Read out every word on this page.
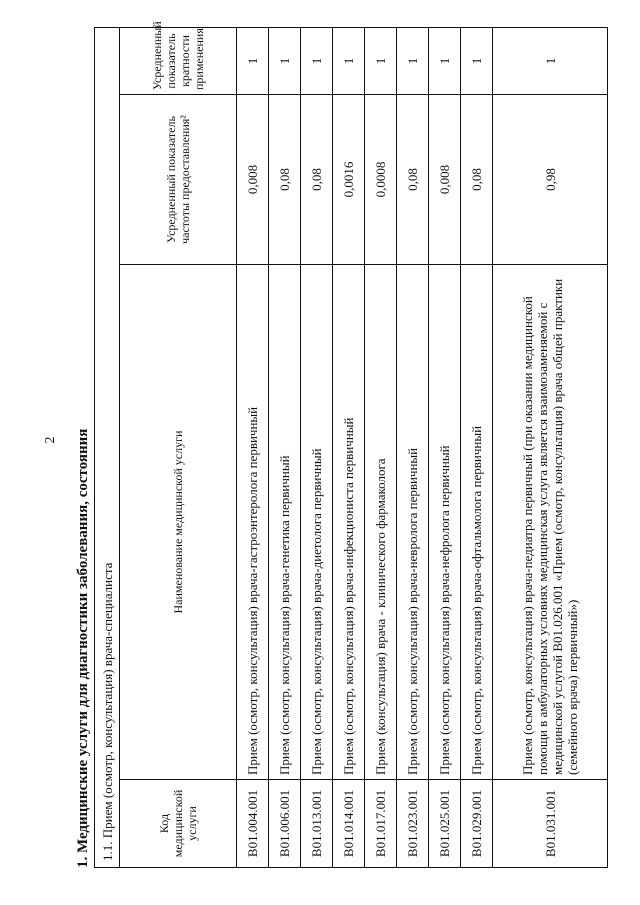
2 1. Медицинские услуги для диагностики заболевания, состояния 1.1. Прием (осмотр, консультация) врача-специалиста			
Код медицинской услуги	Наименование медицинской услуги	Усредненный показатель частоты предоставления²	Усредненный показатель кратности применения
B01.004.001	Прием (осмотр, консультация) врача-гастроэнтеролога первичный	0,008	1
B01.006.001	Прием (осмотр, консультация) врача-генетика первичный	0,08	1
B01.013.001	Прием (осмотр, консультация) врача-диетолога первичный	0,08	1
B01.014.001	Прием (осмотр, консультация) врача-инфекциониста первичный	0,0016	1
B01.017.001	Прием (консультация) врача - клинического фармаколога	0,0008	1
B01.023.001	Прием (осмотр, консультация) врача-невролога первичный	0,08	1
B01.025.001	Прием (осмотр, консультация) врача-нефролога первичный	0,008	1
B01.029.001	Прием (осмотр, консультация) врача-офтальмолога первичный	0,08	1
B01.031.001	Прием (осмотр, консультация) врача-педиатра первичный (при оказании медицинской помощи в амбулаторных условиях медицинская услуга является взаимозаменяемой с медицинской услугой B01.026.001 «Прием (осмотр, консультация) врача общей практики (семейного врача) первичный»)	0,98	1
